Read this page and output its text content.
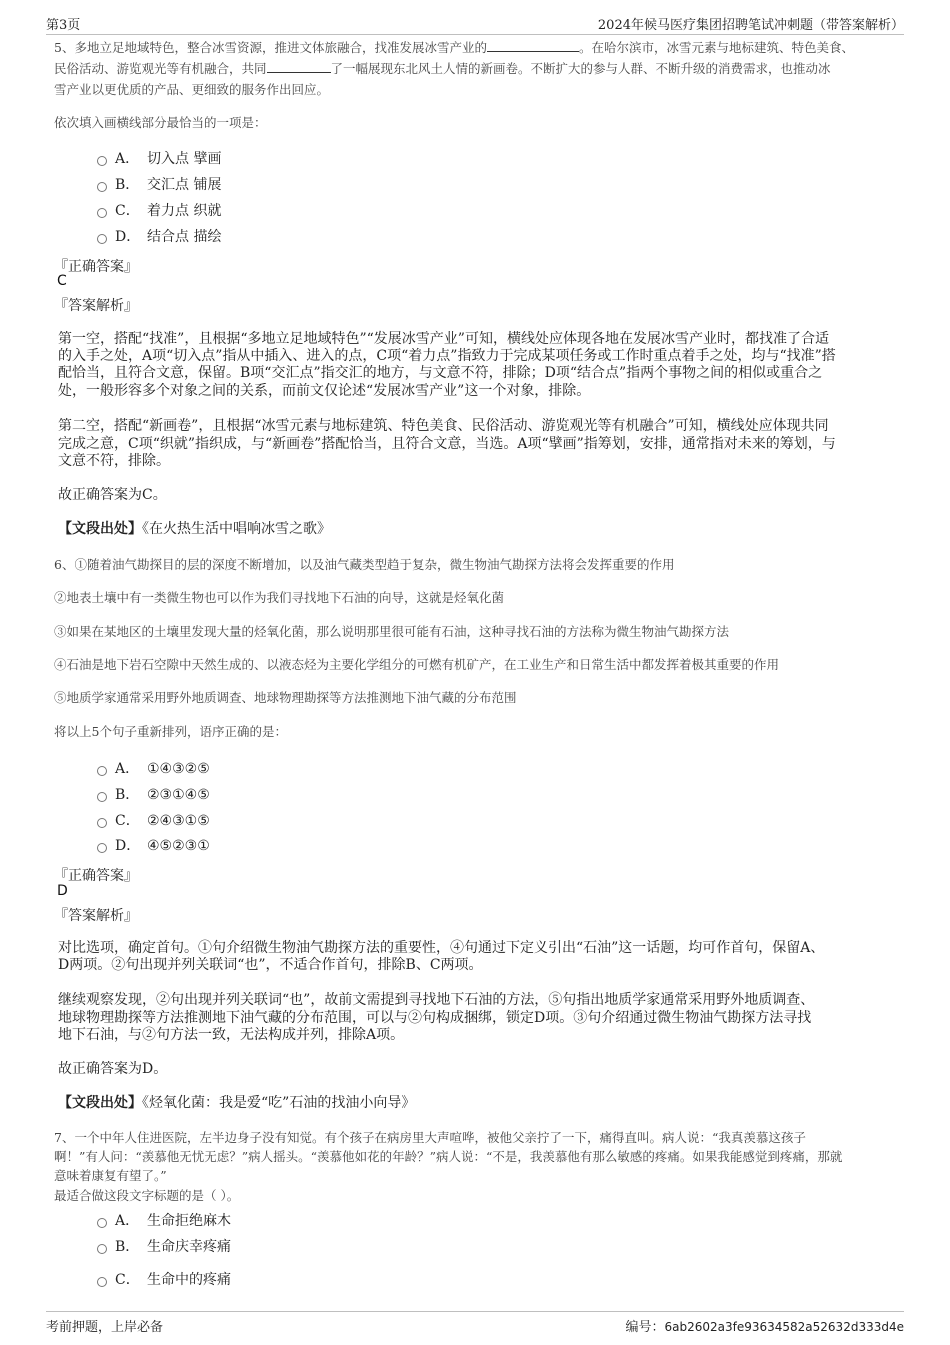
第3页	2024年候马医疗集团招聘笔试冲刺题（带答案解析）
5、多地立足地域特色，整合冰雪资源，推进文体旅融合，找准发展冰雪产业的	。在哈尔滨市，冰雪元素与地标建筑、特色美食、
民俗活动、游览观光等有机融合，共同	了一幅展现东北风土人情的新画卷。不断扩大的参与人群、不断升级的消费需求，也推动冰
雪产业以更优质的产品、更细致的服务作出回应。
依次填入画横线部分最恰当的一项是：
A． 切入点 擘画
B． 交汇点 铺展
C． 着力点 织就
D． 结合点 描绘
『正确答案』
C
『答案解析』
第一空，搭配“找准”，且根据“多地立足地域特色”“发展冰雪产业”可知，横线处应体现各地在发展冰雪产业时，都找准了合适
的入手之处，A项“切入点”指从中插入、进入的点，C项“着力点”指致力于完成某项任务或工作时重点着手之处，均与“找准”搭
配恰当，且符合文意，保留。B项“交汇点”指交汇的地方，与文意不符，排除；D项“结合点”指两个事物之间的相似或重合之
处，一般形容多个对象之间的关系，而前文仅论述“发展冰雪产业”这一个对象，排除。
第二空，搭配“新画卷”，且根据“冰雪元素与地标建筑、特色美食、民俗活动、游览观光等有机融合”可知，横线处应体现共同
完成之意，C项“织就”指织成，与“新画卷”搭配恰当，且符合文意，当选。A项“擘画”指筹划，安排，通常指对未来的筹划，与
文意不符，排除。
故正确答案为C。
【文段出处】《在火热生活中唱响冰雪之歌》
6、①随着油气勘探目的层的深度不断增加，以及油气藏类型趋于复杂，微生物油气勘探方法将会发挥重要的作用
②地表土壤中有一类微生物也可以作为我们寻找地下石油的向导，这就是烃氧化菌
③如果在某地区的土壤里发现大量的烃氧化菌，那么说明那里很可能有石油，这种寻找石油的方法称为微生物油气勘探方法
④石油是地下岩石空隙中天然生成的、以液态烃为主要化学组分的可燃有机矿产，在工业生产和日常生活中都发挥着极其重要的作用
⑤地质学家通常采用野外地质调查、地球物理勘探等方法推测地下油气藏的分布范围
将以上5个句子重新排列，语序正确的是：
A． ①④③②⑤
B． ②③①④⑤
C． ②④③①⑤
D． ④⑤②③①
『正确答案』
D
『答案解析』
对比选项，确定首句。①句介绍微生物油气勘探方法的重要性，④句通过下定义引出“石油”这一话题，均可作首句，保留A、
D两项。②句出现并列关联词“也”，不适合作首句，排除B、C两项。
继续观察发现，②句出现并列关联词“也”，故前文需提到寻找地下石油的方法，⑤句指出地质学家通常采用野外地质调查、
地球物理勘探等方法推测地下油气藏的分布范围，可以与②句构成捆绑，锁定D项。③句介绍通过微生物油气勘探方法寻找
地下石油，与②句方法一致，无法构成并列，排除A项。
故正确答案为D。
【文段出处】《烃氧化菌：我是爱“吃”石油的找油小向导》
7、一个中年人住进医院，左半边身子没有知觉。有个孩子在病房里大声喧哗，被他父亲拧了一下，痛得直叫。病人说：“我真羡慕这孩子
啊！”有人问：“羡慕他无忧无虑？”病人摇头。“羡慕他如花的年龄？”病人说：“不是，我羡慕他有那么敏感的疼痛。如果我能感觉到疼痛，那就
意味着康复有望了。”
最适合做这段文字标题的是（ ）。
A． 生命拒绝麻木
B． 生命庆幸疼痛
C． 生命中的疼痛
考前押题，上岸必备	编号：6ab2602a3fe93634582a52632d333d4e
